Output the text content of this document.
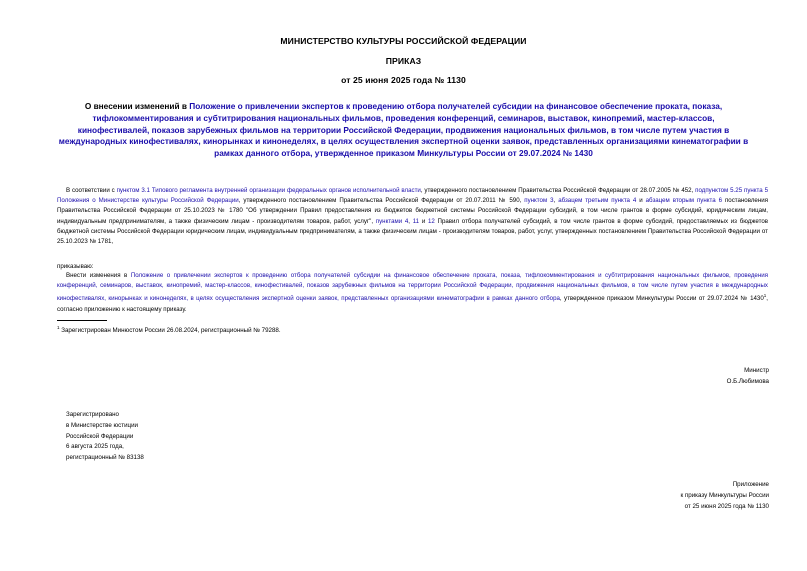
МИНИСТЕРСТВО КУЛЬТУРЫ РОССИЙСКОЙ ФЕДЕРАЦИИ
ПРИКАЗ
от 25 июня 2025 года № 1130
О внесении изменений в Положение о привлечении экспертов к проведению отбора получателей субсидии на финансовое обеспечение проката, показа, тифлокомментирования и субтитрирования национальных фильмов, проведения конференций, семинаров, выставок, кинопремий, мастер-классов, кинофестивалей, показов зарубежных фильмов на территории Российской Федерации, продвижения национальных фильмов, в том числе путем участия в международных кинофестивалях, кинорынках и кинонеделях, в целях осуществления экспертной оценки заявок, представленных организациями кинематографии в рамках данного отбора, утвержденное приказом Минкультуры России от 29.07.2024 № 1430
В соответствии с пунктом 3.1 Типового регламента внутренней организации федеральных органов исполнительной власти, утвержденного постановлением Правительства Российской Федерации от 28.07.2005 № 452, подпунктом 5.25 пункта 5 Положения о Министерстве культуры Российской Федерации, утвержденного постановлением Правительства Российской Федерации от 20.07.2011 № 590, пунктом 3, абзацем третьим пункта 4 и абзацем вторым пункта 6 постановления Правительства Российской Федерации от 25.10.2023 № 1780 "Об утверждении Правил предоставления из бюджетов бюджетной системы Российской Федерации субсидий, в том числе грантов в форме субсидий, юридическим лицам, индивидуальным предпринимателям, а также физическим лицам - производителям товаров, работ, услуг", пунктами 4, 11 и 12 Правил отбора получателей субсидий, в том числе грантов в форме субсидий, предоставляемых из бюджетов бюджетной системы Российской Федерации юридическим лицам, индивидуальным предпринимателям, а также физическим лицам - производителям товаров, работ, услуг, утвержденных постановлением Правительства Российской Федерации от 25.10.2023 № 1781,
приказываю:
Внести изменения в Положение о привлечении экспертов к проведению отбора получателей субсидии на финансовое обеспечение проката, показа, тифлокомментирования и субтитрирования национальных фильмов, проведения конференций, семинаров, выставок, кинопремий, мастер-классов, кинофестивалей, показов зарубежных фильмов на территории Российской Федерации, продвижения национальных фильмов, в том числе путем участия в международных кинофестивалях, кинорынках и кинонеделях, в целях осуществления экспертной оценки заявок, представленных организациями кинематографии в рамках данного отбора, утвержденное приказом Минкультуры России от 29.07.2024 № 1430$^1$, согласно приложению к настоящему приказу.
$^1$ Зарегистрирован Минюстом России 26.08.2024, регистрационный № 79288.
Министр
О.Б.Любимова
Зарегистрировано
в Министерстве юстиции
Российской Федерации
6 августа 2025 года,
регистрационный № 83138
Приложение
к приказу Минкультуры России
от 25 июня 2025 года № 1130
